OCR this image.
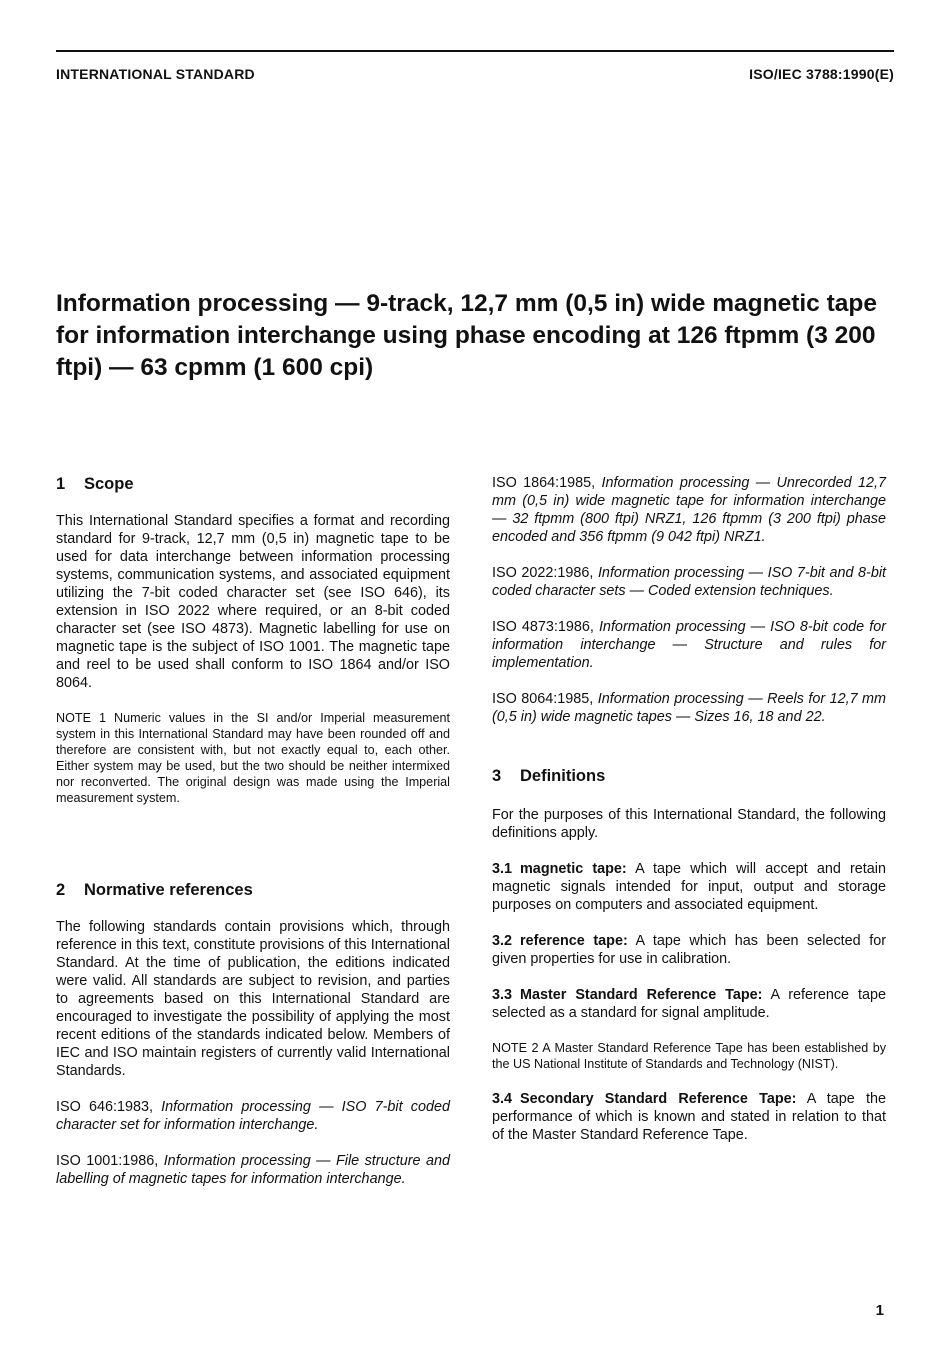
INTERNATIONAL STANDARD	ISO/IEC 3788:1990(E)
Information processing — 9-track, 12,7 mm (0,5 in) wide magnetic tape for information interchange using phase encoding at 126 ftpmm (3 200 ftpi) — 63 cpmm (1 600 cpi)
1 Scope

This International Standard specifies a format and recording standard for 9-track, 12,7 mm (0,5 in) magnetic tape to be used for data interchange between information processing systems, communication systems, and associated equipment utilizing the 7-bit coded character set (see ISO 646), its extension in ISO 2022 where required, or an 8-bit coded character set (see ISO 4873). Magnetic labelling for use on magnetic tape is the subject of ISO 1001. The magnetic tape and reel to be used shall conform to ISO 1864 and/or ISO 8064.

NOTE 1 Numeric values in the SI and/or Imperial measurement system in this International Standard may have been rounded off and therefore are consistent with, but not exactly equal to, each other. Either system may be used, but the two should be neither intermixed nor reconverted. The original design was made using the Imperial measurement system.

2 Normative references

The following standards contain provisions which, through reference in this text, constitute provisions of this International Standard. At the time of publication, the editions indicated were valid. All standards are subject to revision, and parties to agreements based on this International Standard are encouraged to investigate the possibility of applying the most recent editions of the standards indicated below. Members of IEC and ISO maintain registers of currently valid International Standards.

ISO 646:1983, Information processing — ISO 7-bit coded character set for information interchange.

ISO 1001:1986, Information processing — File structure and labelling of magnetic tapes for information interchange.

ISO 1864:1985, Information processing — Unrecorded 12,7 mm (0,5 in) wide magnetic tape for information interchange — 32 ftpmm (800 ftpi) NRZ1, 126 ftpmm (3 200 ftpi) phase encoded and 356 ftpmm (9 042 ftpi) NRZ1.

ISO 2022:1986, Information processing — ISO 7-bit and 8-bit coded character sets — Coded extension techniques.

ISO 4873:1986, Information processing — ISO 8-bit code for information interchange — Structure and rules for implementation.

ISO 8064:1985, Information processing — Reels for 12,7 mm (0,5 in) wide magnetic tapes — Sizes 16, 18 and 22.

3 Definitions

For the purposes of this International Standard, the following definitions apply.

3.1 magnetic tape: A tape which will accept and retain magnetic signals intended for input, output and storage purposes on computers and associated equipment.

3.2 reference tape: A tape which has been selected for given properties for use in calibration.

3.3 Master Standard Reference Tape: A reference tape selected as a standard for signal amplitude.

NOTE 2 A Master Standard Reference Tape has been established by the US National Institute of Standards and Technology (NIST).

3.4 Secondary Standard Reference Tape: A tape the performance of which is known and stated in relation to that of the Master Standard Reference Tape.

1
